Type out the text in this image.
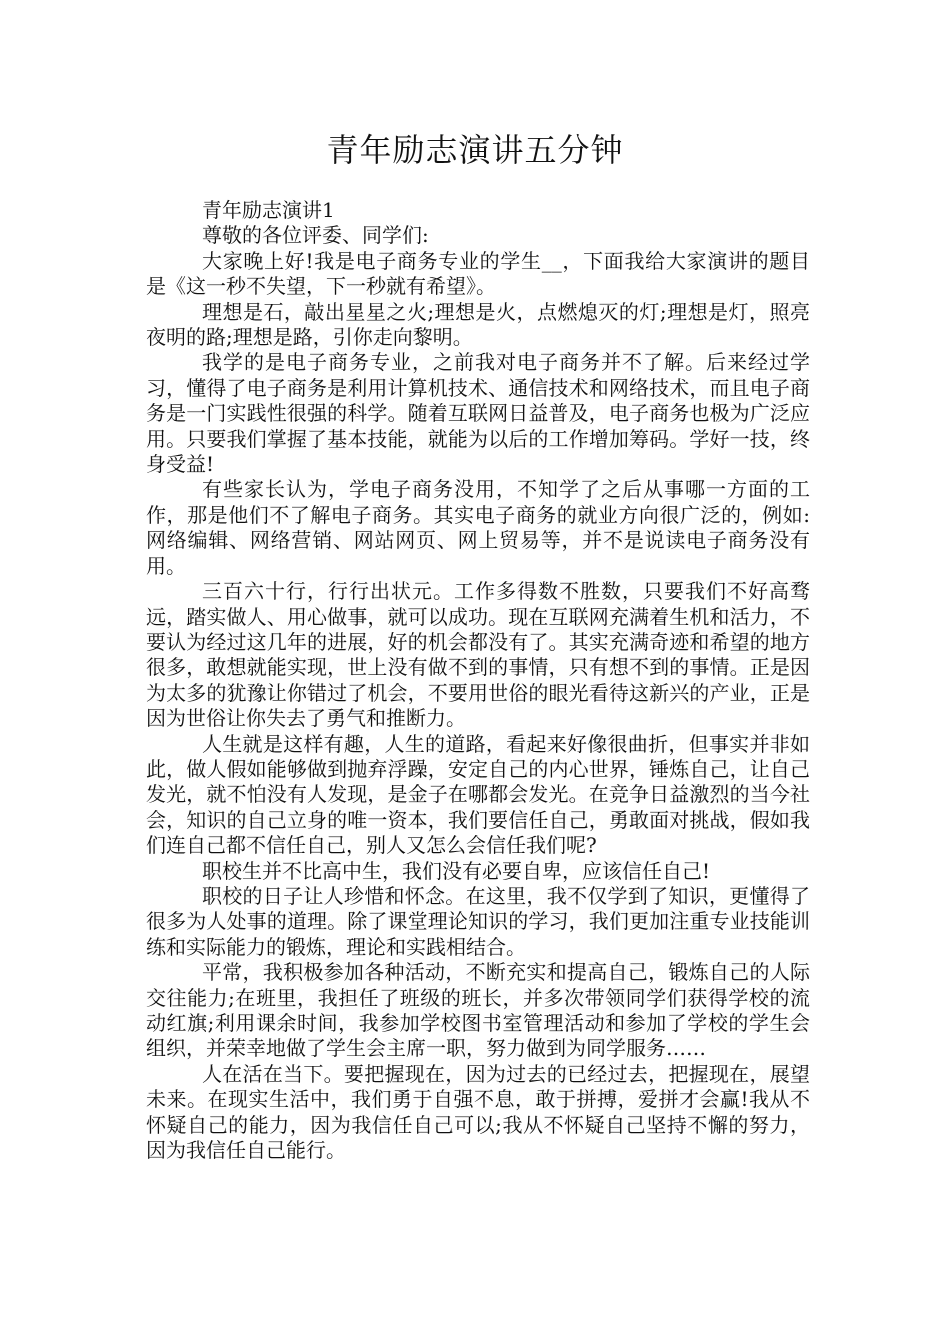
青年励志演讲五分钟

青年励志演讲1

尊敬的各位评委、同学们:

大家晚上好!我是电子商务专业的学生__，下面我给大家演讲的题目是《这一秒不失望，下一秒就有希望》。

理想是石，敲出星星之火;理想是火，点燃熄灭的灯;理想是灯，照亮夜明的路;理想是路，引你走向黎明。

我学的是电子商务专业，之前我对电子商务并不了解。后来经过学习，懂得了电子商务是利用计算机技术、通信技术和网络技术，而且电子商务是一门实践性很强的科学。随着互联网日益普及，电子商务也极为广泛应用。只要我们掌握了基本技能，就能为以后的工作增加筹码。学好一技，终身受益!

有些家长认为，学电子商务没用，不知学了之后从事哪一方面的工作，那是他们不了解电子商务。其实电子商务的就业方向很广泛的，例如:网络编辑、网络营销、网站网页、网上贸易等，并不是说读电子商务没有用。

三百六十行，行行出状元。工作多得数不胜数，只要我们不好高骛远，踏实做人、用心做事，就可以成功。现在互联网充满着生机和活力，不要认为经过这几年的进展，好的机会都没有了。其实充满奇迹和希望的地方很多，敢想就能实现，世上没有做不到的事情，只有想不到的事情。正是因为太多的犹豫让你错过了机会，不要用世俗的眼光看待这新兴的产业，正是因为世俗让你失去了勇气和推断力。

人生就是这样有趣，人生的道路，看起来好像很曲折，但事实并非如此，做人假如能够做到抛弃浮躁，安定自己的内心世界，锤炼自己，让自己发光，就不怕没有人发现，是金子在哪都会发光。在竞争日益激烈的当今社会，知识的自己立身的唯一资本，我们要信任自己，勇敢面对挑战，假如我们连自己都不信任自己，别人又怎么会信任我们呢?

职校生并不比高中生，我们没有必要自卑，应该信任自己!

职校的日子让人珍惜和怀念。在这里，我不仅学到了知识，更懂得了很多为人处事的道理。除了课堂理论知识的学习，我们更加注重专业技能训练和实际能力的锻炼，理论和实践相结合。

平常，我积极参加各种活动，不断充实和提高自己，锻炼自己的人际交往能力;在班里，我担任了班级的班长，并多次带领同学们获得学校的流动红旗;利用课余时间，我参加学校图书室管理活动和参加了学校的学生会组织，并荣幸地做了学生会主席一职，努力做到为同学服务……

人在活在当下。要把握现在，因为过去的已经过去，把握现在，展望未来。在现实生活中，我们勇于自强不息，敢于拼搏，爱拼才会赢!我从不怀疑自己的能力，因为我信任自己可以;我从不怀疑自己坚持不懈的努力，因为我信任自己能行。
